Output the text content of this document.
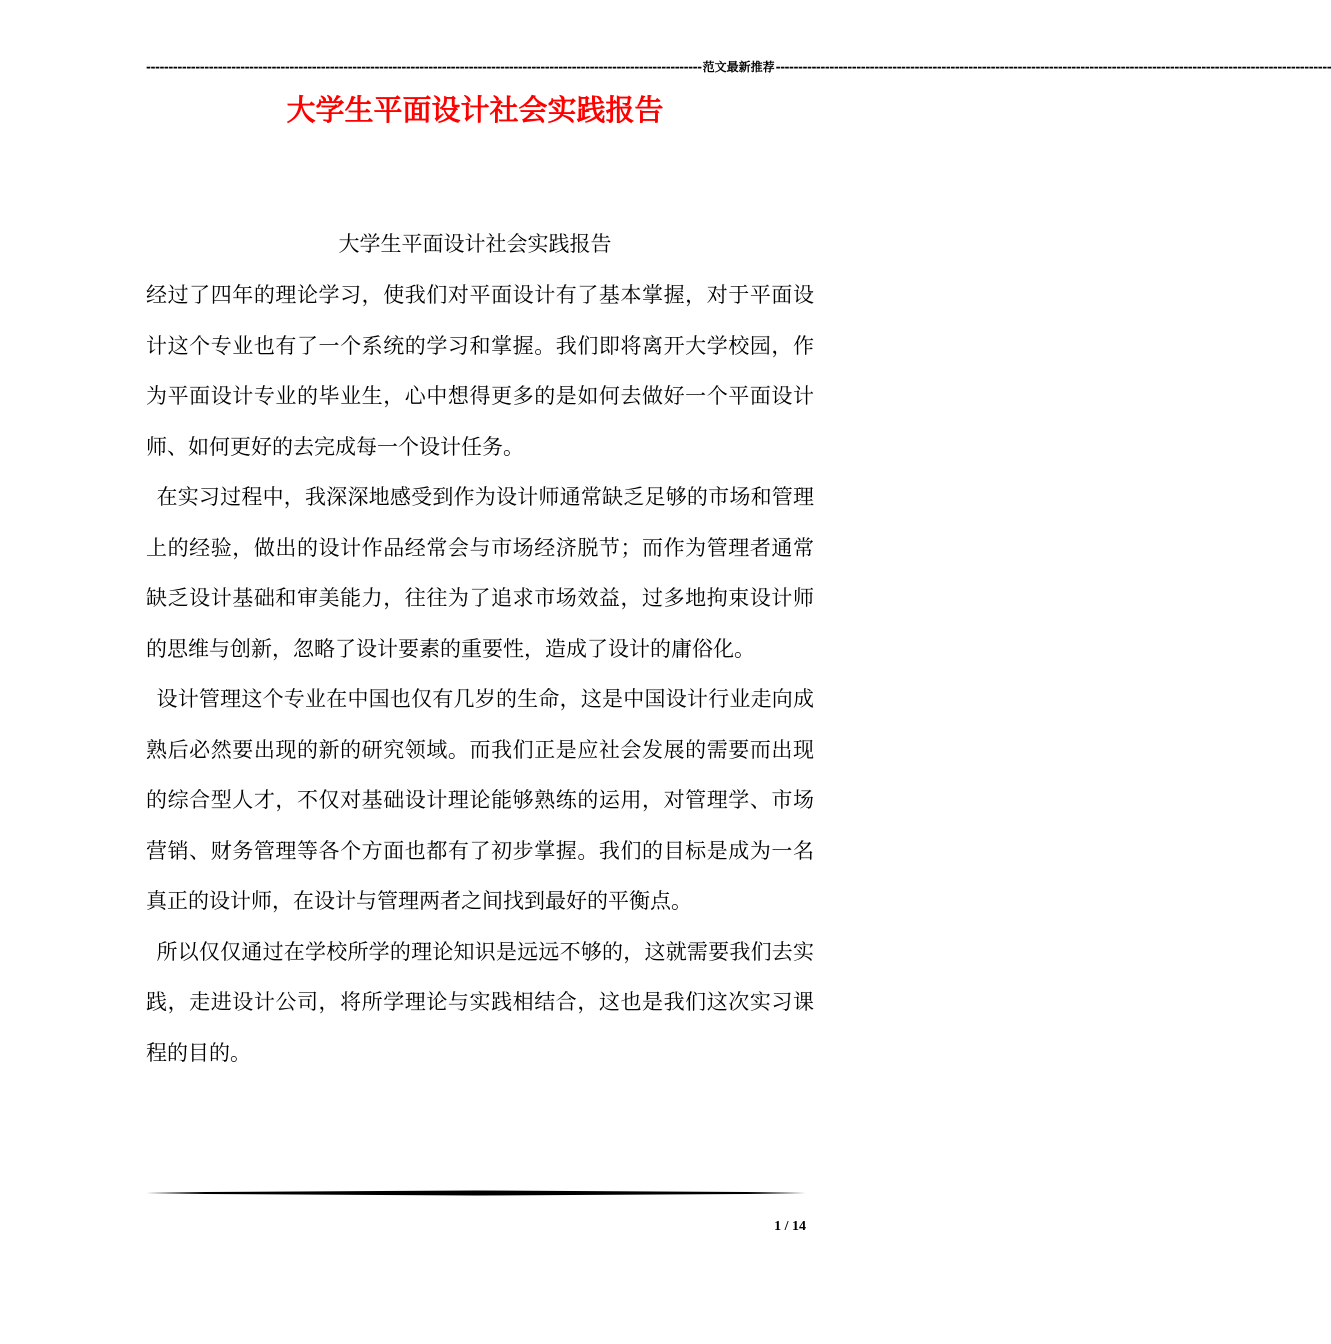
---------------------------------------------------------------------------------------------------------------------------- 范文最新推荐 ----------------------------------------------------------------------------------------------------------------------------
大学生平面设计社会实践报告
大学生平面设计社会实践报告

经过了四年的理论学习，使我们对平面设计有了基本掌握，对于平面设计这个专业也有了一个系统的学习和掌握。我们即将离开大学校园，作为平面设计专业的毕业生，心中想得更多的是如何去做好一个平面设计师、如何更好的去完成每一个设计任务。

在实习过程中，我深深地感受到作为设计师通常缺乏足够的市场和管理上的经验，做出的设计作品经常会与市场经济脱节；而作为管理者通常缺乏设计基础和审美能力，往往为了追求市场效益，过多地拘束设计师的思维与创新，忽略了设计要素的重要性，造成了设计的庸俗化。

设计管理这个专业在中国也仅有几岁的生命，这是中国设计行业走向成熟后必然要出现的新的研究领域。而我们正是应社会发展的需要而出现的综合型人才，不仅对基础设计理论能够熟练的运用，对管理学、市场营销、财务管理等各个方面也都有了初步掌握。我们的目标是成为一名真正的设计师，在设计与管理两者之间找到最好的平衡点。

所以仅仅通过在学校所学的理论知识是远远不够的，这就需要我们去实践，走进设计公司，将所学理论与实践相结合，这也是我们这次实习课程的目的。

1 / 14
